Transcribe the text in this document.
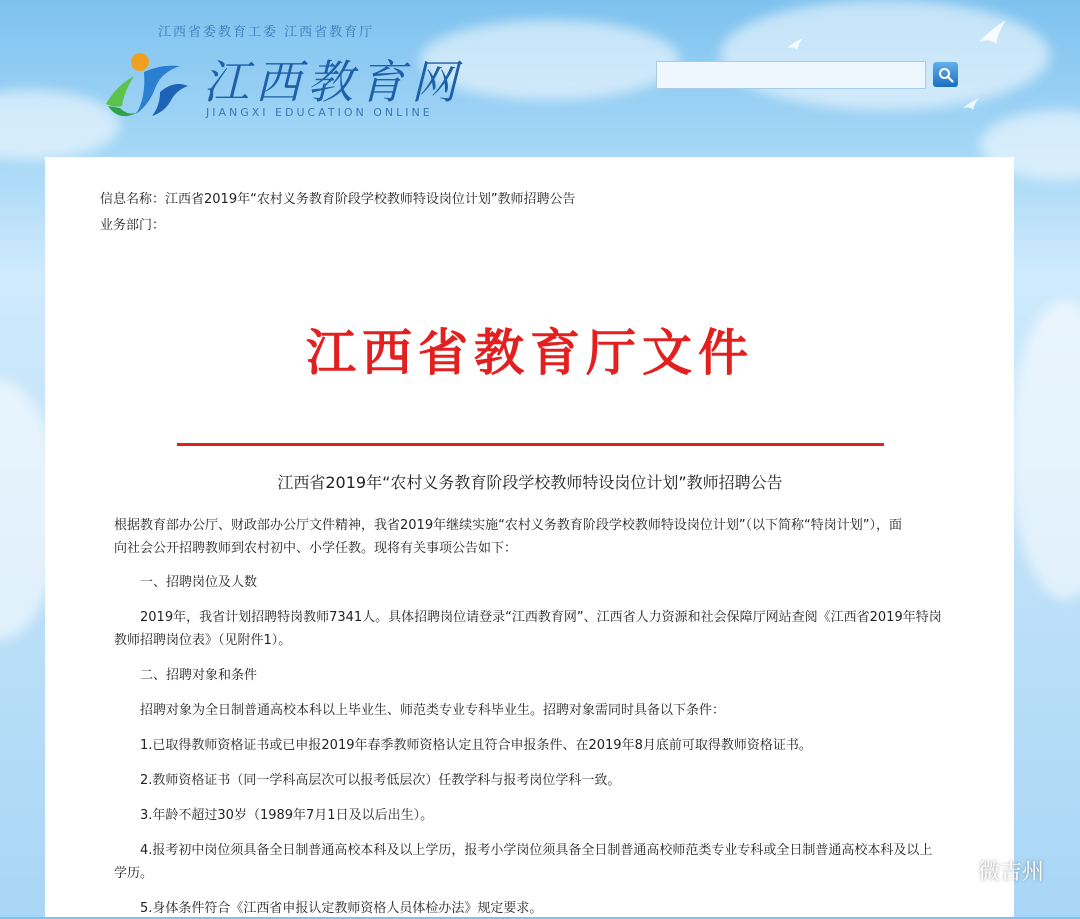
江西省委教育工委 江西省教育厅
江西教育网
JIANGXI EDUCATION ONLINE
信息名称：江西省2019年“农村义务教育阶段学校教师特设岗位计划”教师招聘公告
业务部门：
江西省教育厅文件
江西省2019年“农村义务教育阶段学校教师特设岗位计划”教师招聘公告
根据教育部办公厅、财政部办公厅文件精神，我省2019年继续实施“农村义务教育阶段学校教师特设岗位计划”（以下简称“特岗计划”），面
向社会公开招聘教师到农村初中、小学任教。现将有关事项公告如下：
一、招聘岗位及人数
2019年，我省计划招聘特岗教师7341人。具体招聘岗位请登录“江西教育网”、江西省人力资源和社会保障厅网站查阅《江西省2019年特岗
教师招聘岗位表》（见附件1）。
二、招聘对象和条件
招聘对象为全日制普通高校本科以上毕业生、师范类专业专科毕业生。招聘对象需同时具备以下条件：
1.已取得教师资格证书或已申报2019年春季教师资格认定且符合申报条件、在2019年8月底前可取得教师资格证书。
2.教师资格证书（同一学科高层次可以报考低层次）任教学科与报考岗位学科一致。
3.年龄不超过30岁（1989年7月1日及以后出生）。
4.报考初中岗位须具备全日制普通高校本科及以上学历，报考小学岗位须具备全日制普通高校师范类专业专科或全日制普通高校本科及以上
学历。
5.身体条件符合《江西省申报认定教师资格人员体检办法》规定要求。
微吉州
